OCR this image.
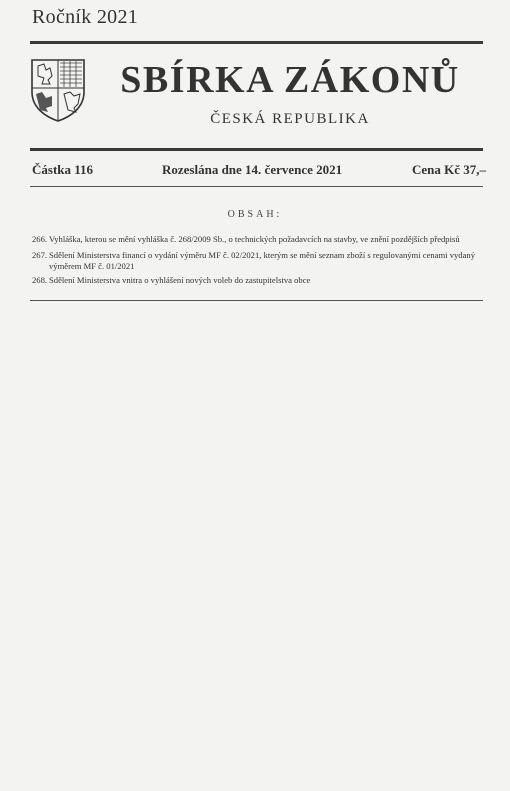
Ročník 2021
SBÍRKA ZÁKONŮ
ČESKÁ REPUBLIKA
Částka 116	Rozeslána dne 14. července 2021	Cena Kč 37,–
OBSAH:
266. Vyhláška, kterou se mění vyhláška č. 268/2009 Sb., o technických požadavcích na stavby, ve znění pozdějších předpisů
267. Sdělení Ministerstva financí o vydání výměru MF č. 02/2021, kterým se mění seznam zboží s regulovanými cenami vydaný výměrem MF č. 01/2021
268. Sdělení Ministerstva vnitra o vyhlášení nových voleb do zastupitelstva obce
